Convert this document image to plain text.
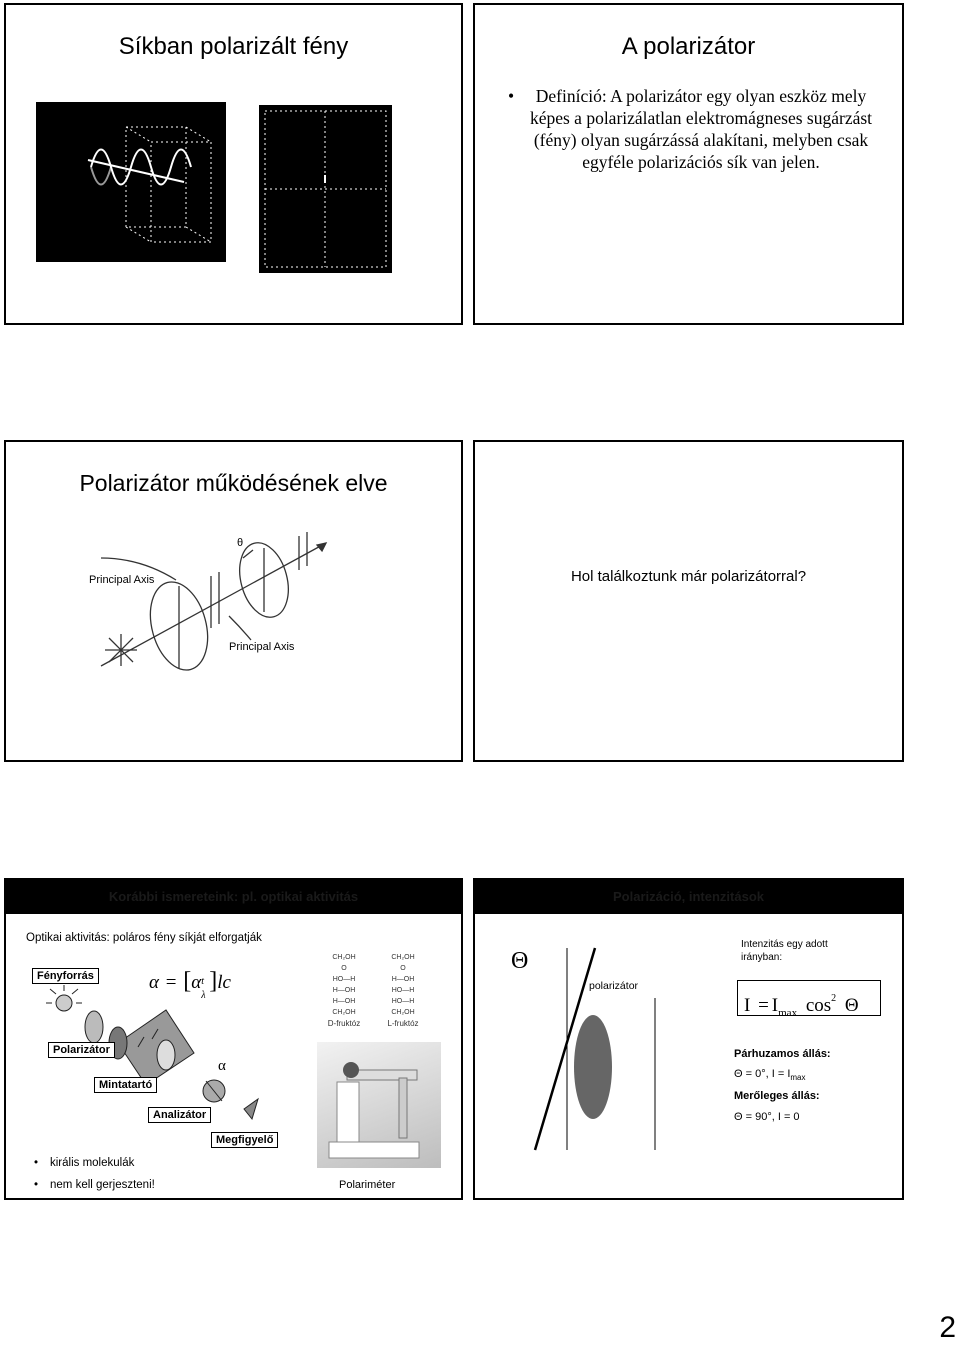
Síkban polarizált fény	A polarizátor
• Definíció: A polarizátor egy olyan eszköz mely képes a polarizálatlan elektromágneses sugárzást (fény) olyan sugárzássá alakítani, melyben csak egyféle polarizációs sík van jelen.
Polarizátor működésének elve
Principal Axis
Principal Axis
θ
Hol találkoztunk már polarizátorral?
Korábbi ismereteink: pl. optikai aktivitás
Optikai aktivitás: poláros fény síkját elforgatják
Fényforrás	α = [α t
λ
]lc
CH₂OH
O
HO—H
H—OH
H—OH
CH₂OH
D-fruktóz
CH₂OH
O
H—OH
HO—H
HO—H
CH₂OH
L-fruktóz
α
Polarizátor
Mintatartó
Analizátor
Megfigyelő
• királis molekulák
• nem kell gerjeszteni!	Polariméter
Polarizáció, intenzitások
Θ
polarizátor
Intenzitás egy adott irányban:
$I = I_{max}$ $\cos^2 \Theta$
Párhuzamos állás:
Θ = 0°, $I = I_{max}$
Merőleges állás:
Θ = 90°, I = 0
2
